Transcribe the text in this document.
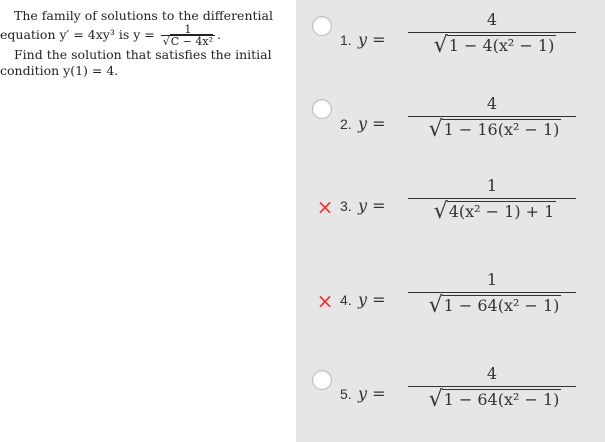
The family of solutions to the differential

equation y′ = 4xy³ is $y = \frac{1}{\text{√C − 4x²}}$ .

Find the solution that satisfies the initial

condition y(1) = 4.

1. y =
4
√ 1 − 4(x² − 1)
2. y =
4
√ 1 − 16(x² − 1)
× 3. y =
1
√ 4(x² − 1) + 1
× 4. y =
1
√ 1 − 64(x² − 1)
5. y =
4
√ 1 − 64(x² − 1)
